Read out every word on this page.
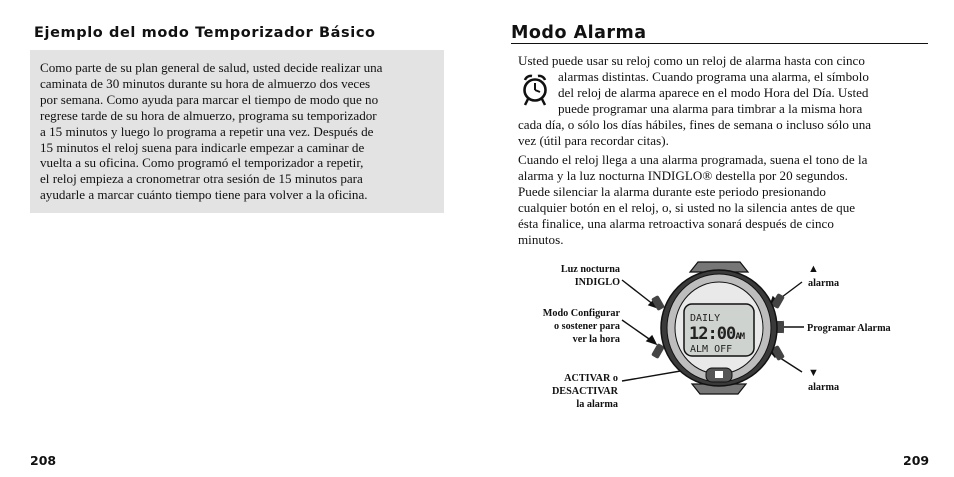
Ejemplo del modo Temporizador Básico
Como parte de su plan general de salud, usted decide realizar una
caminata de 30 minutos durante su hora de almuerzo dos veces
por semana. Como ayuda para marcar el tiempo de modo que no
regrese tarde de su hora de almuerzo, programa su temporizador
a 15 minutos y luego lo programa a repetir una vez. Después de
15 minutos el reloj suena para indicarle empezar a caminar de
vuelta a su oficina. Como programó el temporizador a repetir,
el reloj empieza a cronometrar otra sesión de 15 minutos para
ayudarle a marcar cuánto tiempo tiene para volver a la oficina.
208
Modo Alarma
Usted puede usar su reloj como un reloj de alarma hasta con cinco
alarmas distintas. Cuando programa una alarma, el símbolo
del reloj de alarma aparece en el modo Hora del Día. Usted
puede programar una alarma para timbrar a la misma hora
cada día, o sólo los días hábiles, fines de semana o incluso sólo una
vez (útil para recordar citas).
Cuando el reloj llega a una alarma programada, suena el tono de la
alarma y la luz nocturna INDIGLO® destella por 20 segundos.
Puede silenciar la alarma durante este periodo presionando
cualquier botón en el reloj, o, si usted no la silencia antes de que
ésta finalice, una alarma retroactiva sonará después de cinco
minutos.
Luz nocturna
INDIGLO
Modo Configurar
o sostener para
ver la hora
ACTIVAR o
DESACTIVAR
la alarma
▲
alarma
Programar Alarma
▼
alarma
DAILY
12:00AM
ALM OFF
209
